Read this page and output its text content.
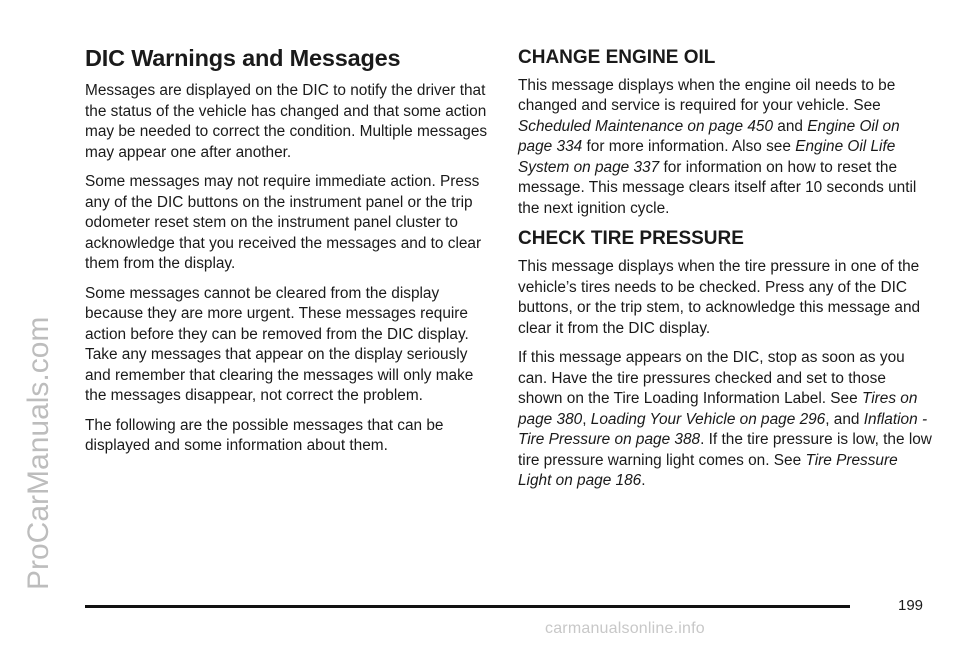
ProCarManuals.com
DIC Warnings and Messages

Messages are displayed on the DIC to notify the driver that the status of the vehicle has changed and that some action may be needed to correct the condition. Multiple messages may appear one after another.

Some messages may not require immediate action. Press any of the DIC buttons on the instrument panel or the trip odometer reset stem on the instrument panel cluster to acknowledge that you received the messages and to clear them from the display.

Some messages cannot be cleared from the display because they are more urgent. These messages require action before they can be removed from the DIC display. Take any messages that appear on the display seriously and remember that clearing the messages will only make the messages disappear, not correct the problem.

The following are the possible messages that can be displayed and some information about them.

CHANGE ENGINE OIL

This message displays when the engine oil needs to be changed and service is required for your vehicle. See Scheduled Maintenance on page 450 and Engine Oil on page 334 for more information. Also see Engine Oil Life System on page 337 for information on how to reset the message. This message clears itself after 10 seconds until the next ignition cycle.

CHECK TIRE PRESSURE

This message displays when the tire pressure in one of the vehicle’s tires needs to be checked. Press any of the DIC buttons, or the trip stem, to acknowledge this message and clear it from the DIC display.

If this message appears on the DIC, stop as soon as you can. Have the tire pressures checked and set to those shown on the Tire Loading Information Label. See Tires on page 380, Loading Your Vehicle on page 296, and Inflation - Tire Pressure on page 388. If the tire pressure is low, the low tire pressure warning light comes on. See Tire Pressure Light on page 186.

199
carmanualsonline.info
